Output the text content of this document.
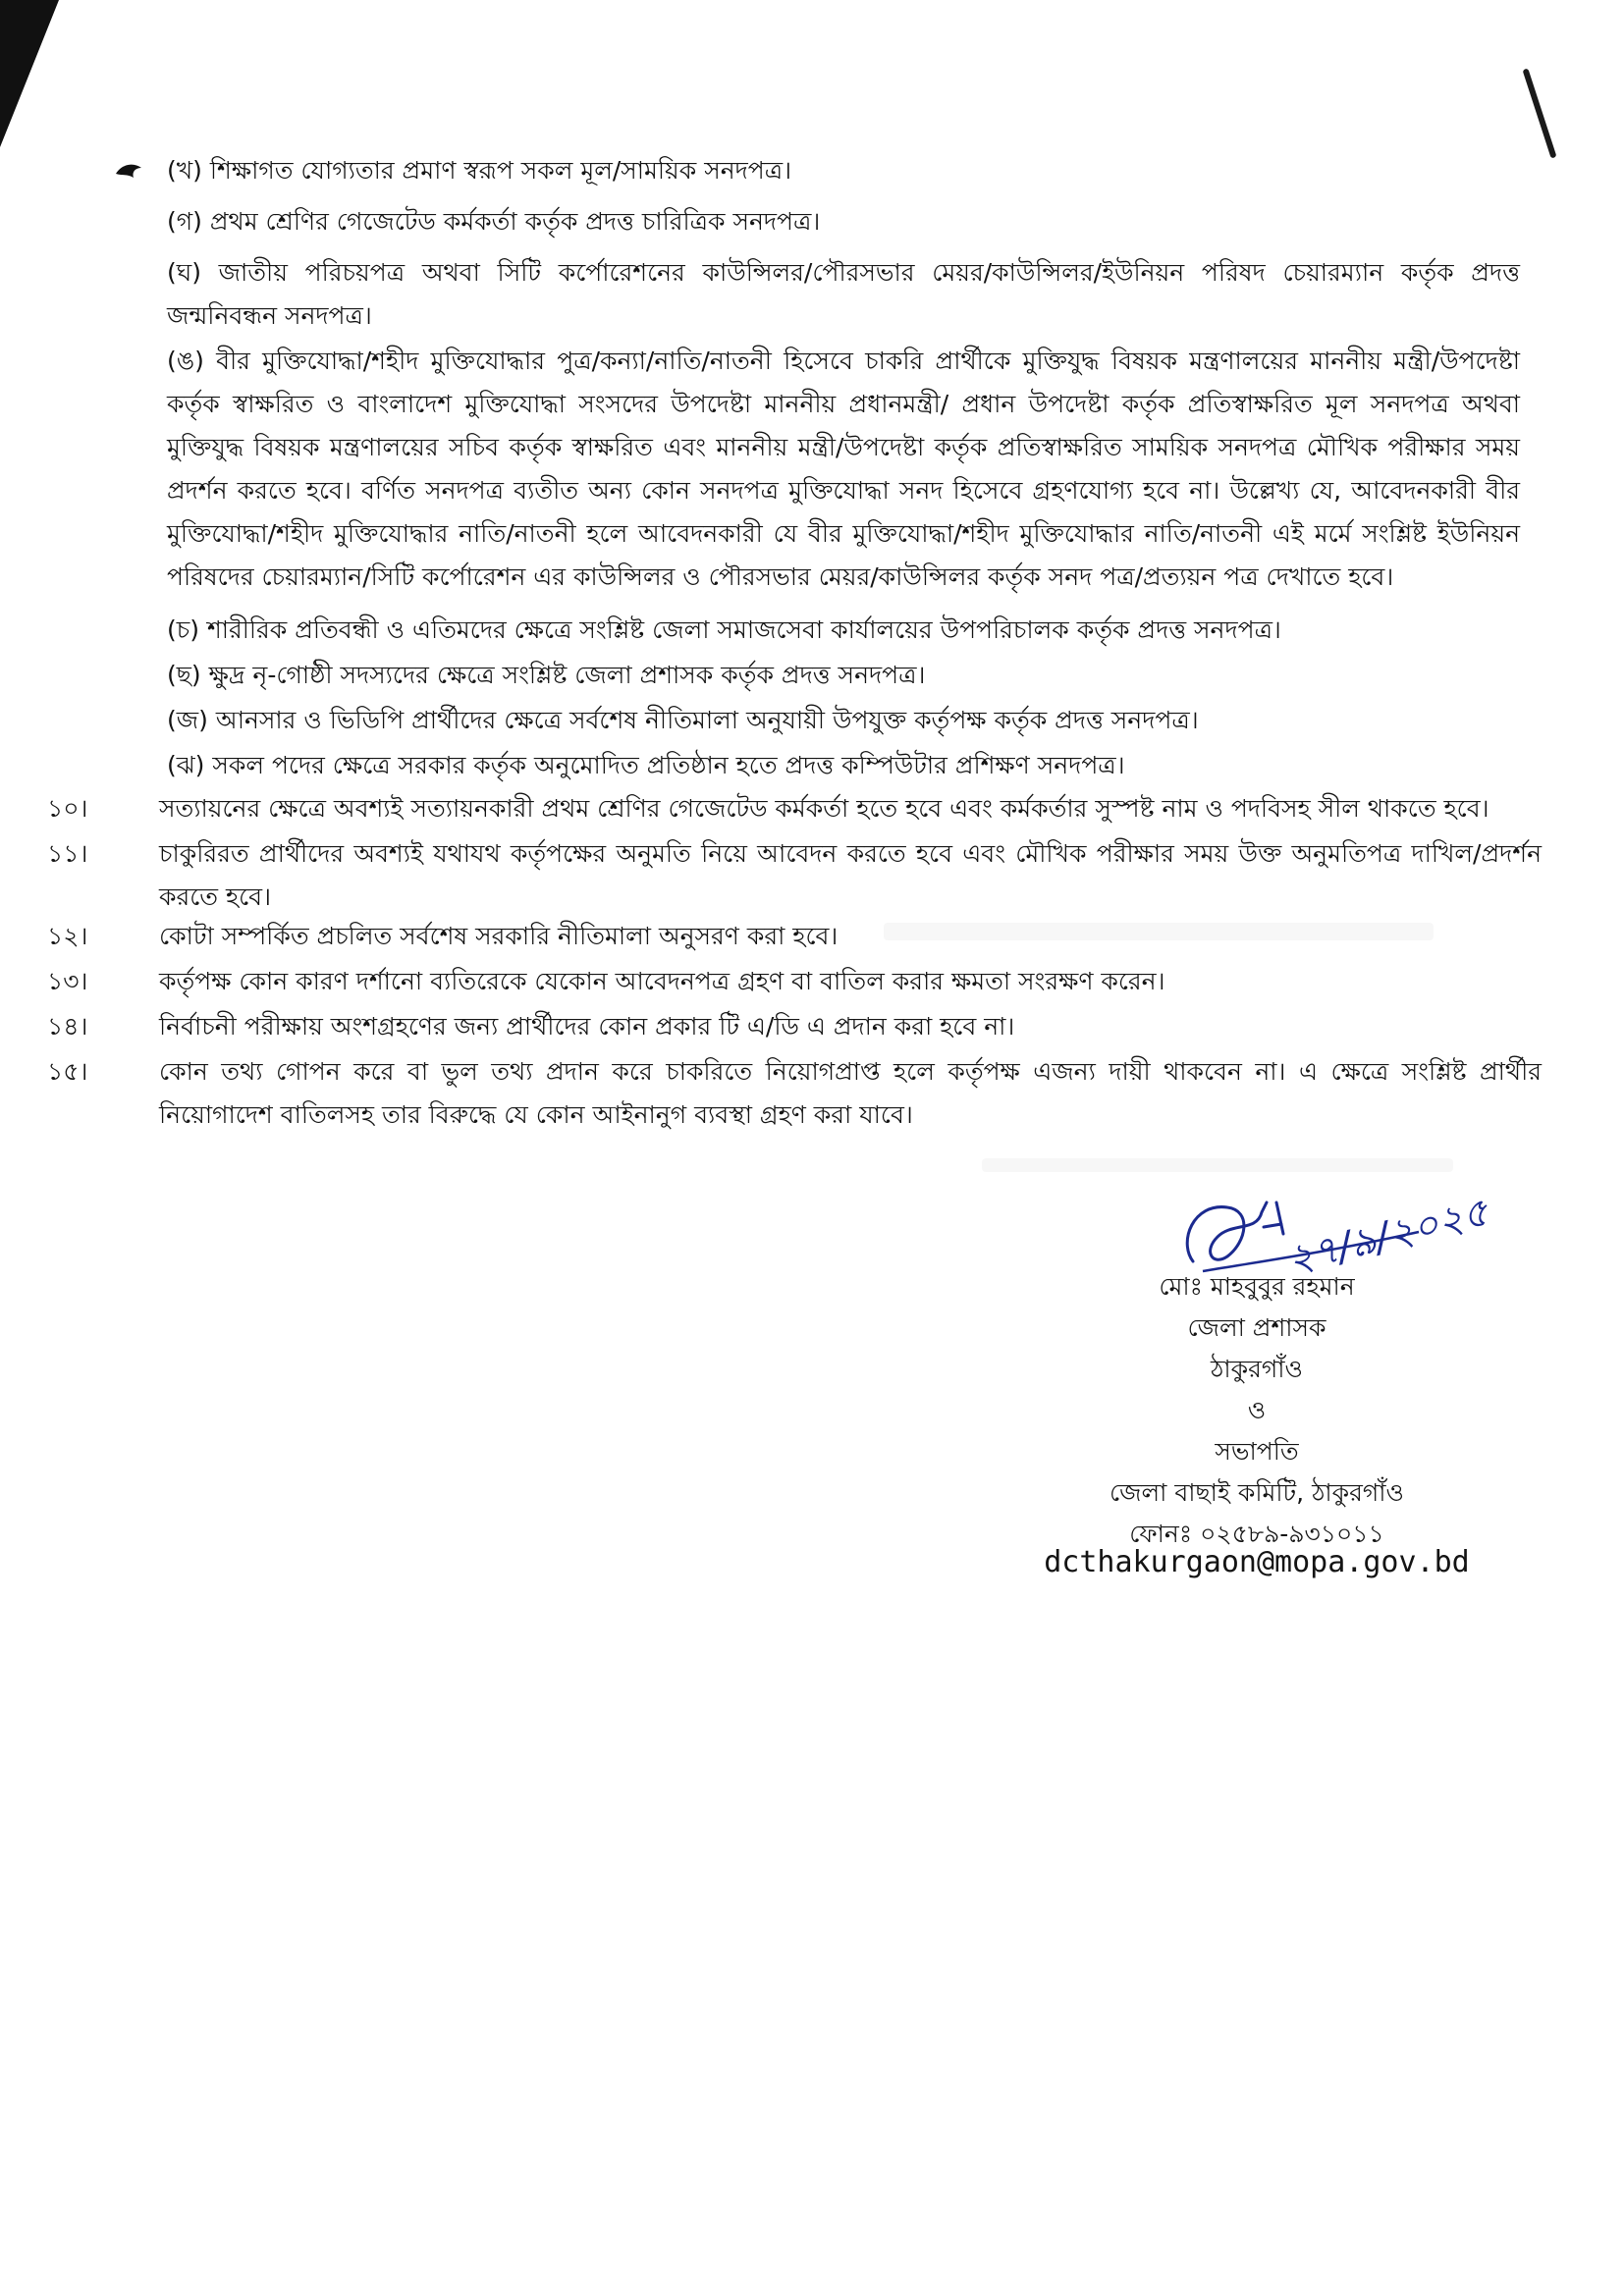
(খ) শিক্ষাগত যোগ্যতার প্রমাণ স্বরূপ সকল মূল/সাময়িক সনদপত্র।
(গ) প্রথম শ্রেণির গেজেটেড কর্মকর্তা কর্তৃক প্রদত্ত চারিত্রিক সনদপত্র।
(ঘ) জাতীয় পরিচয়পত্র অথবা সিটি কর্পোরেশনের কাউন্সিলর/পৌরসভার মেয়র/কাউন্সিলর/ইউনিয়ন পরিষদ চেয়ারম্যান কর্তৃক প্রদত্ত জন্মনিবন্ধন সনদপত্র।
(ঙ) বীর মুক্তিযোদ্ধা/শহীদ মুক্তিযোদ্ধার পুত্র/কন্যা/নাতি/নাতনী হিসেবে চাকরি প্রার্থীকে মুক্তিযুদ্ধ বিষয়ক মন্ত্রণালয়ের মাননীয় মন্ত্রী/উপদেষ্টা কর্তৃক স্বাক্ষরিত ও বাংলাদেশ মুক্তিযোদ্ধা সংসদের উপদেষ্টা মাননীয় প্রধানমন্ত্রী/ প্রধান উপদেষ্টা কর্তৃক প্রতিস্বাক্ষরিত মূল সনদপত্র অথবা মুক্তিযুদ্ধ বিষয়ক মন্ত্রণালয়ের সচিব কর্তৃক স্বাক্ষরিত এবং মাননীয় মন্ত্রী/উপদেষ্টা কর্তৃক প্রতিস্বাক্ষরিত সাময়িক সনদপত্র মৌখিক পরীক্ষার সময় প্রদর্শন করতে হবে। বর্ণিত সনদপত্র ব্যতীত অন্য কোন সনদপত্র মুক্তিযোদ্ধা সনদ হিসেবে গ্রহণযোগ্য হবে না। উল্লেখ্য যে, আবেদনকারী বীর মুক্তিযোদ্ধা/শহীদ মুক্তিযোদ্ধার নাতি/নাতনী হলে আবেদনকারী যে বীর মুক্তিযোদ্ধা/শহীদ মুক্তিযোদ্ধার নাতি/নাতনী এই মর্মে সংশ্লিষ্ট ইউনিয়ন পরিষদের চেয়ারম্যান/সিটি কর্পোরেশন এর কাউন্সিলর ও পৌরসভার মেয়র/কাউন্সিলর কর্তৃক সনদ পত্র/প্রত্যয়ন পত্র দেখাতে হবে।
(চ) শারীরিক প্রতিবন্ধী ও এতিমদের ক্ষেত্রে সংশ্লিষ্ট জেলা সমাজসেবা কার্যালয়ের উপপরিচালক কর্তৃক প্রদত্ত সনদপত্র।
(ছ) ক্ষুদ্র নৃ-গোষ্ঠী সদস্যদের ক্ষেত্রে সংশ্লিষ্ট জেলা প্রশাসক কর্তৃক প্রদত্ত সনদপত্র।
(জ) আনসার ও ভিডিপি প্রার্থীদের ক্ষেত্রে সর্বশেষ নীতিমালা অনুযায়ী উপযুক্ত কর্তৃপক্ষ কর্তৃক প্রদত্ত সনদপত্র।
(ঝ) সকল পদের ক্ষেত্রে সরকার কর্তৃক অনুমোদিত প্রতিষ্ঠান হতে প্রদত্ত কম্পিউটার প্রশিক্ষণ সনদপত্র।
১০।	সত্যায়নের ক্ষেত্রে অবশ্যই সত্যায়নকারী প্রথম শ্রেণির গেজেটেড কর্মকর্তা হতে হবে এবং কর্মকর্তার সুস্পষ্ট নাম ও পদবিসহ সীল থাকতে হবে।
১১।	চাকুরিরত প্রার্থীদের অবশ্যই যথাযথ কর্তৃপক্ষের অনুমতি নিয়ে আবেদন করতে হবে এবং মৌখিক পরীক্ষার সময় উক্ত অনুমতিপত্র দাখিল/প্রদর্শন করতে হবে।
১২।	কোটা সম্পর্কিত প্রচলিত সর্বশেষ সরকারি নীতিমালা অনুসরণ করা হবে।
১৩।	কর্তৃপক্ষ কোন কারণ দর্শানো ব্যতিরেকে যেকোন আবেদনপত্র গ্রহণ বা বাতিল করার ক্ষমতা সংরক্ষণ করেন।
১৪।	নির্বাচনী পরীক্ষায় অংশগ্রহণের জন্য প্রার্থীদের কোন প্রকার টি এ/ডি এ প্রদান করা হবে না।
১৫।	কোন তথ্য গোপন করে বা ভুল তথ্য প্রদান করে চাকরিতে নিয়োগপ্রাপ্ত হলে কর্তৃপক্ষ এজন্য দায়ী থাকবেন না। এ ক্ষেত্রে সংশ্লিষ্ট প্রার্থীর নিয়োগাদেশ বাতিলসহ তার বিরুদ্ধে যে কোন আইনানুগ ব্যবস্থা গ্রহণ করা যাবে।
২৭/৯/২০২৫
মোঃ মাহবুবুর রহমান
জেলা প্রশাসক
ঠাকুরগাঁও
ও
সভাপতি
জেলা বাছাই কমিটি, ঠাকুরগাঁও
ফোনঃ ০২৫৮৯-৯৩১০১১
dcthakurgaon@mopa.gov.bd
